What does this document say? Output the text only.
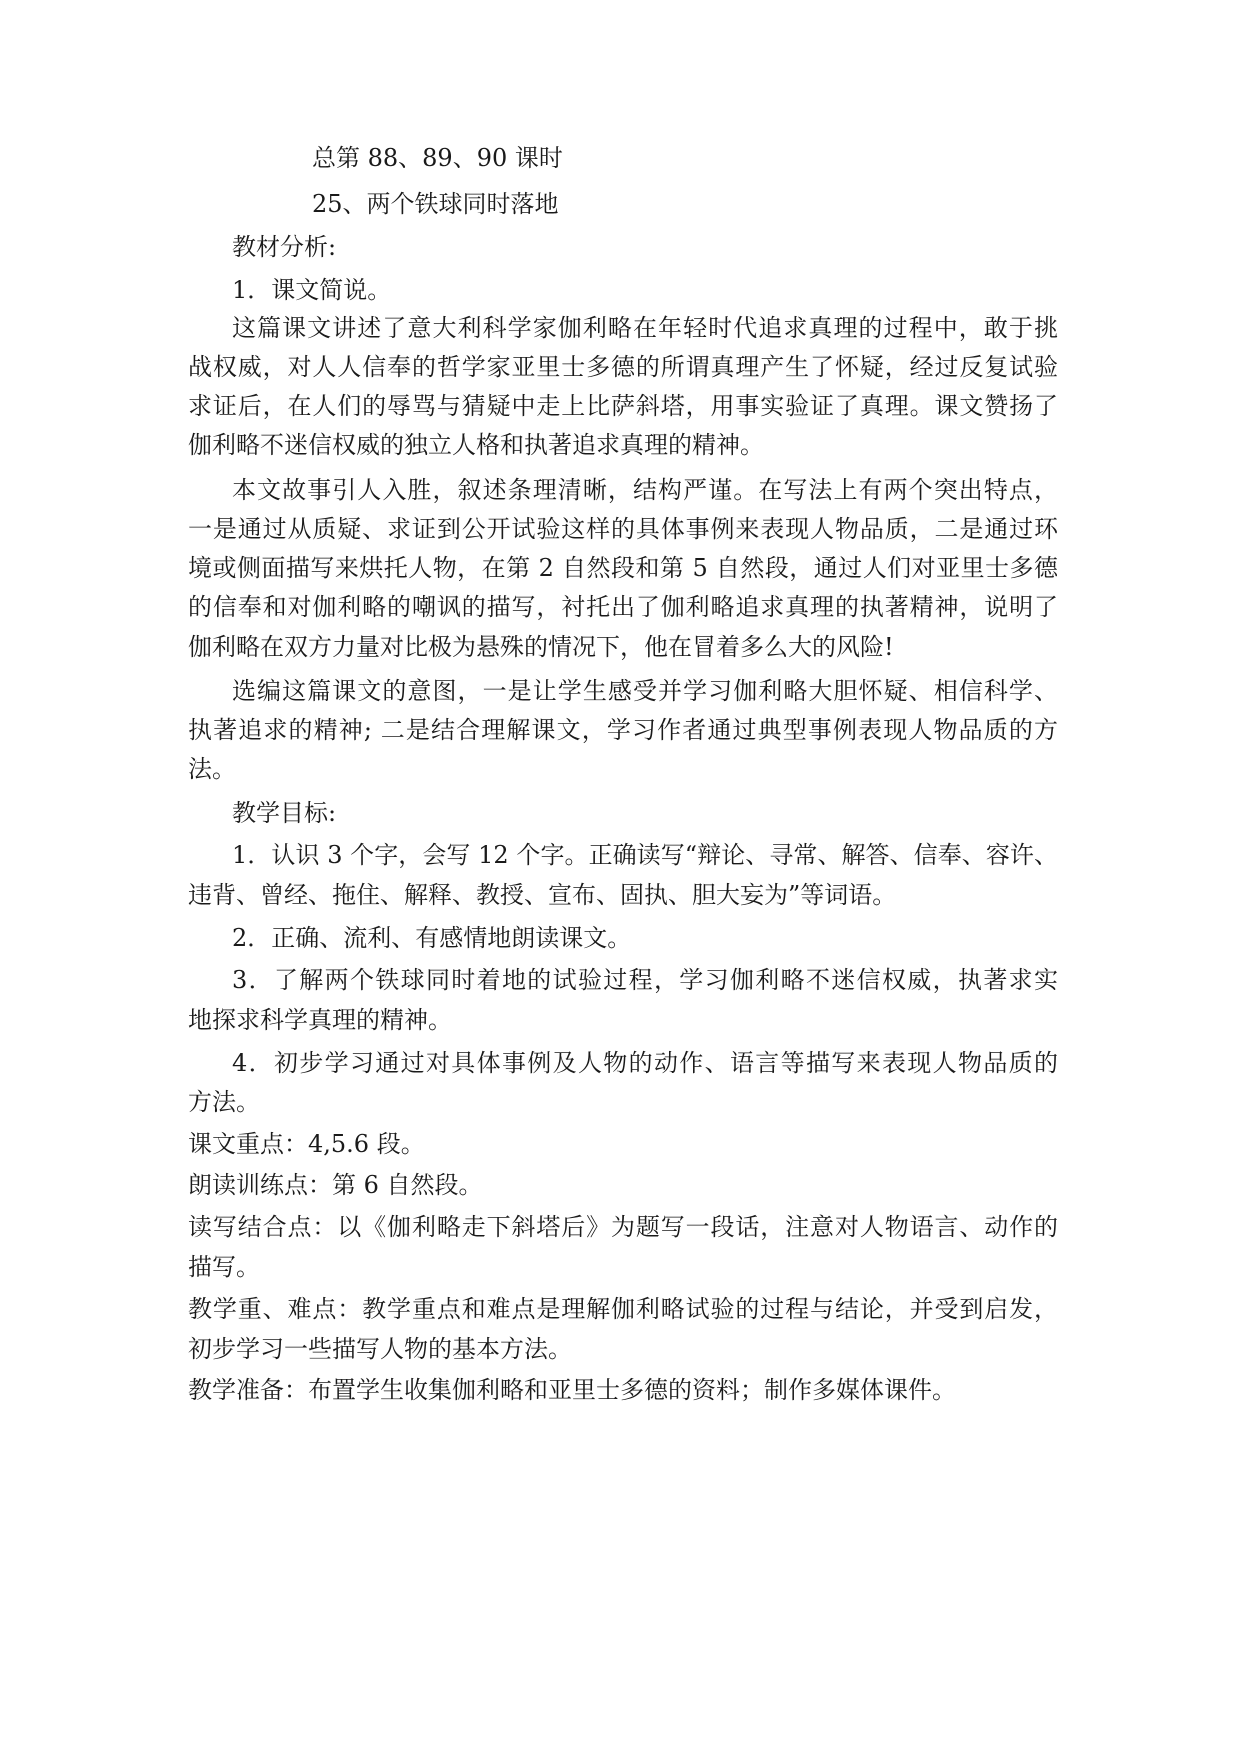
总第 88、89、90 课时
25、两个铁球同时落地
教材分析:
1．课文简说。
这篇课文讲述了意大利科学家伽利略在年轻时代追求真理的过程中，敢于挑
战权威，对人人信奉的哲学家亚里士多德的所谓真理产生了怀疑，经过反复试验
求证后，在人们的辱骂与猜疑中走上比萨斜塔，用事实验证了真理。课文赞扬了
伽利略不迷信权威的独立人格和执著追求真理的精神。
本文故事引人入胜，叙述条理清晰，结构严谨。在写法上有两个突出特点，
一是通过从质疑、求证到公开试验这样的具体事例来表现人物品质，二是通过环
境或侧面描写来烘托人物，在第 2 自然段和第 5 自然段，通过人们对亚里士多德
的信奉和对伽利略的嘲讽的描写，衬托出了伽利略追求真理的执著精神，说明了
伽利略在双方力量对比极为悬殊的情况下，他在冒着多么大的风险!
选编这篇课文的意图，一是让学生感受并学习伽利略大胆怀疑、相信科学、
执著追求的精神; 二是结合理解课文，学习作者通过典型事例表现人物品质的方
法。
教学目标:
1．认识 3 个字，会写 12 个字。正确读写“辩论、寻常、解答、信奉、容许、
违背、曾经、拖住、解释、教授、宣布、固执、胆大妄为”等词语。
2．正确、流利、有感情地朗读课文。
3．了解两个铁球同时着地的试验过程，学习伽利略不迷信权威，执著求实
地探求科学真理的精神。
4．初步学习通过对具体事例及人物的动作、语言等描写来表现人物品质的
方法。
课文重点：4,5.6 段。
朗读训练点：第 6 自然段。
读写结合点：以《伽利略走下斜塔后》为题写一段话，注意对人物语言、动作的
描写。
教学重、难点：教学重点和难点是理解伽利略试验的过程与结论，并受到启发，
初步学习一些描写人物的基本方法。
教学准备：布置学生收集伽利略和亚里士多德的资料；制作多媒体课件。
